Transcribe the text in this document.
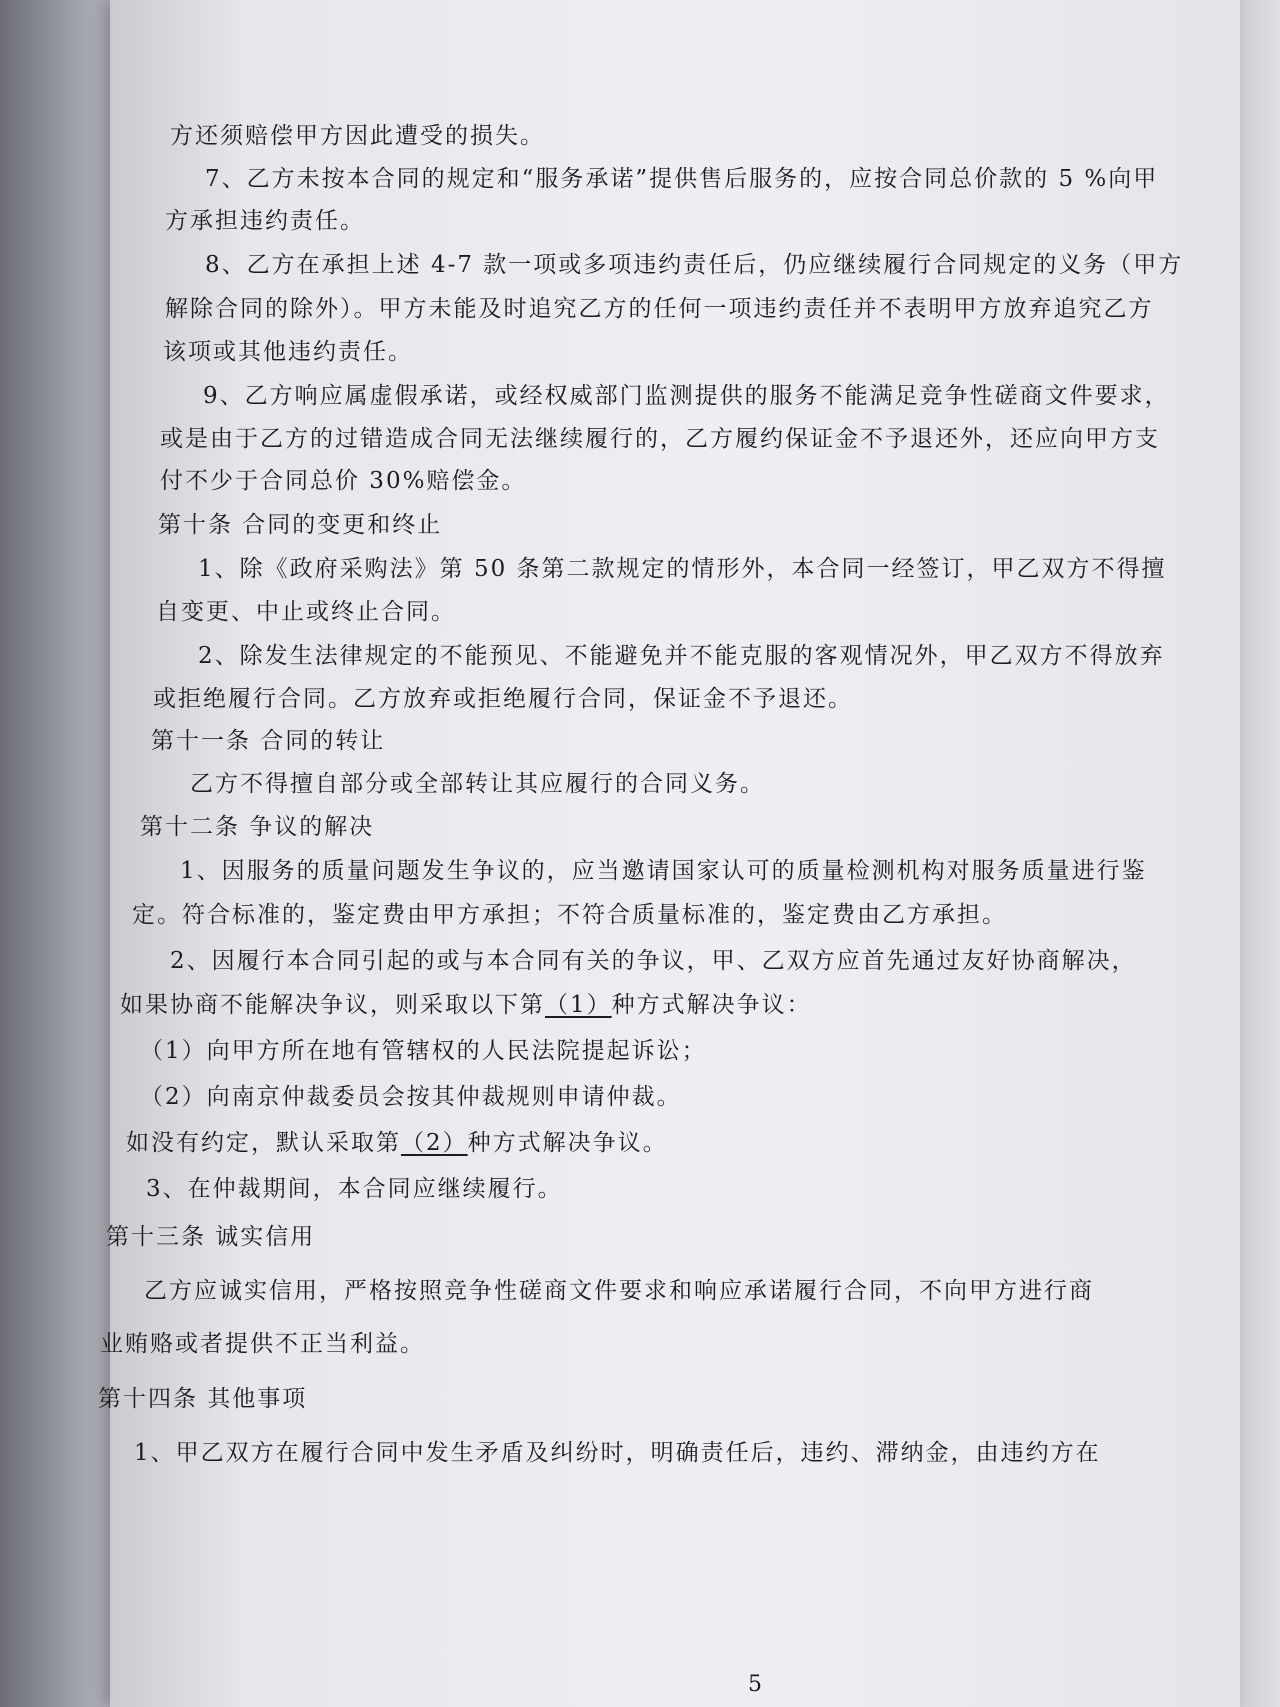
方还须赔偿甲方因此遭受的损失。

7、乙方未按本合同的规定和“服务承诺”提供售后服务的，应按合同总价款的 5 %向甲

方承担违约责任。

8、乙方在承担上述 4-7 款一项或多项违约责任后，仍应继续履行合同规定的义务（甲方

解除合同的除外）。甲方未能及时追究乙方的任何一项违约责任并不表明甲方放弃追究乙方

该项或其他违约责任。

9、乙方响应属虚假承诺，或经权威部门监测提供的服务不能满足竞争性磋商文件要求，

或是由于乙方的过错造成合同无法继续履行的，乙方履约保证金不予退还外，还应向甲方支

付不少于合同总价 30%赔偿金。

第十条 合同的变更和终止

1、除《政府采购法》第 50 条第二款规定的情形外，本合同一经签订，甲乙双方不得擅

自变更、中止或终止合同。

2、除发生法律规定的不能预见、不能避免并不能克服的客观情况外，甲乙双方不得放弃

或拒绝履行合同。乙方放弃或拒绝履行合同，保证金不予退还。

第十一条 合同的转让

乙方不得擅自部分或全部转让其应履行的合同义务。

第十二条 争议的解决

1、因服务的质量问题发生争议的，应当邀请国家认可的质量检测机构对服务质量进行鉴

定。符合标准的，鉴定费由甲方承担；不符合质量标准的，鉴定费由乙方承担。

2、因履行本合同引起的或与本合同有关的争议，甲、乙双方应首先通过友好协商解决，

如果协商不能解决争议，则采取以下第（1）种方式解决争议：

（1）向甲方所在地有管辖权的人民法院提起诉讼；

（2）向南京仲裁委员会按其仲裁规则申请仲裁。

如没有约定，默认采取第（2）种方式解决争议。

3、在仲裁期间，本合同应继续履行。

第十三条 诚实信用

乙方应诚实信用，严格按照竞争性磋商文件要求和响应承诺履行合同，不向甲方进行商

业贿赂或者提供不正当利益。

第十四条 其他事项

1、甲乙双方在履行合同中发生矛盾及纠纷时，明确责任后，违约、滞纳金，由违约方在

5
